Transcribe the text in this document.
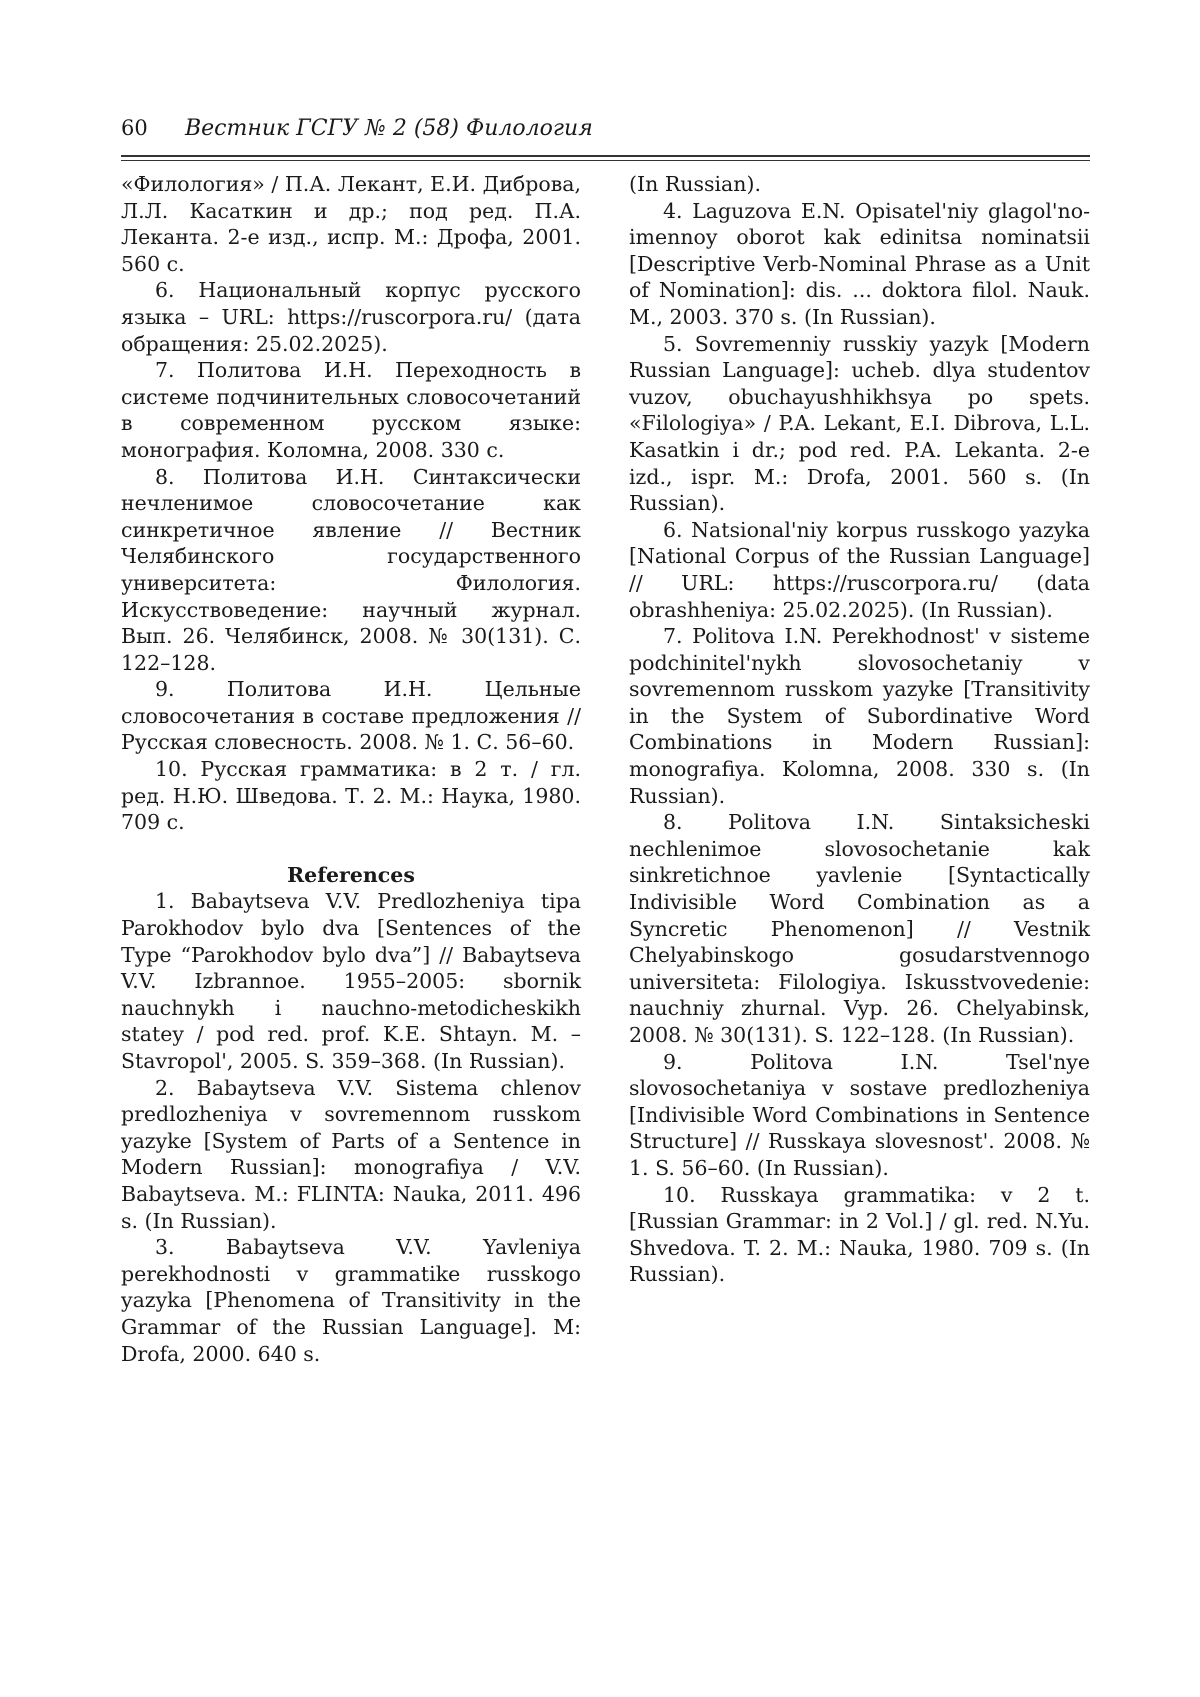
60 Вестник ГСГУ № 2 (58) Филология

«Филология» / П.А. Лекант, Е.И. Диброва, Л.Л. Касаткин и др.; под ред. П.А. Леканта. 2-е изд., испр. М.: Дрофа, 2001. 560 с.

6. Национальный корпус русского языка – URL: https://ruscorpora.ru/ (дата обращения: 25.02.2025).

7. Политова И.Н. Переходность в системе подчинительных словосочетаний в современном русском языке: монография. Коломна, 2008. 330 с.

8. Политова И.Н. Синтаксически нечленимое словосочетание как синкретичное явление // Вестник Челябинского государственного университета: Филология. Искусствоведение: научный журнал. Вып. 26. Челябинск, 2008. № 30(131). С. 122–128.

9. Политова И.Н. Цельные словосочетания в составе предложения // Русская словесность. 2008. № 1. С. 56–60.

10. Русская грамматика: в 2 т. / гл. ред. Н.Ю. Шведова. Т. 2. М.: Наука, 1980. 709 с.

References

1. Babaytseva V.V. Predlozheniya tipa Parokhodov bylo dva [Sentences of the Type “Parokhodov bylo dva”] // Babaytseva V.V. Izbrannoe. 1955–2005: sbornik nauchnykh i nauchno-metodicheskikh statey / pod red. prof. K.E. Shtayn. M. – Stavropol', 2005. S. 359–368. (In Russian).

2. Babaytseva V.V. Sistema chlenov predlozheniya v sovremennom russkom yazyke [System of Parts of a Sentence in Modern Russian]: monografiya / V.V. Babaytseva. M.: FLINTA: Nauka, 2011. 496 s. (In Russian).

3. Babaytseva V.V. Yavleniya perekhodnosti v grammatike russkogo yazyka [Phenomena of Transitivity in the Grammar of the Russian Language]. M: Drofa, 2000. 640 s.

(In Russian).

4. Laguzova E.N. Opisatel'niy glagol'no-imennoy oborot kak edinitsa nominatsii [Descriptive Verb-Nominal Phrase as a Unit of Nomination]: dis. ... doktora filol. Nauk. M., 2003. 370 s. (In Russian).

5. Sovremenniy russkiy yazyk [Modern Russian Language]: ucheb. dlya studentov vuzov, obuchayushhikhsya po spets. «Filologiya» / P.A. Lekant, E.I. Dibrova, L.L. Kasatkin i dr.; pod red. P.A. Lekanta. 2-e izd., ispr. M.: Drofa, 2001. 560 s. (In Russian).

6. Natsional'niy korpus russkogo yazyka [National Corpus of the Russian Language] // URL: https://ruscorpora.ru/ (data obrashheniya: 25.02.2025). (In Russian).

7. Politova I.N. Perekhodnost' v sisteme podchinitel'nykh slovosochetaniy v sovremennom russkom yazyke [Transitivity in the System of Subordinative Word Combinations in Modern Russian]: monografiya. Kolomna, 2008. 330 s. (In Russian).

8. Politova I.N. Sintaksicheski nechlenimoe slovosochetanie kak sinkretichnoe yavlenie [Syntactically Indivisible Word Combination as a Syncretic Phenomenon] // Vestnik Chelyabinskogo gosudarstvennogo universiteta: Filologiya. Iskusstvovedenie: nauchniy zhurnal. Vyp. 26. Chelyabinsk, 2008. № 30(131). S. 122–128. (In Russian).

9. Politova I.N. Tsel'nye slovosochetaniya v sostave predlozheniya [Indivisible Word Combinations in Sentence Structure] // Russkaya slovesnost'. 2008. № 1. S. 56–60. (In Russian).

10. Russkaya grammatika: v 2 t. [Russian Grammar: in 2 Vol.] / gl. red. N.Yu. Shvedova. T. 2. M.: Nauka, 1980. 709 s. (In Russian).
